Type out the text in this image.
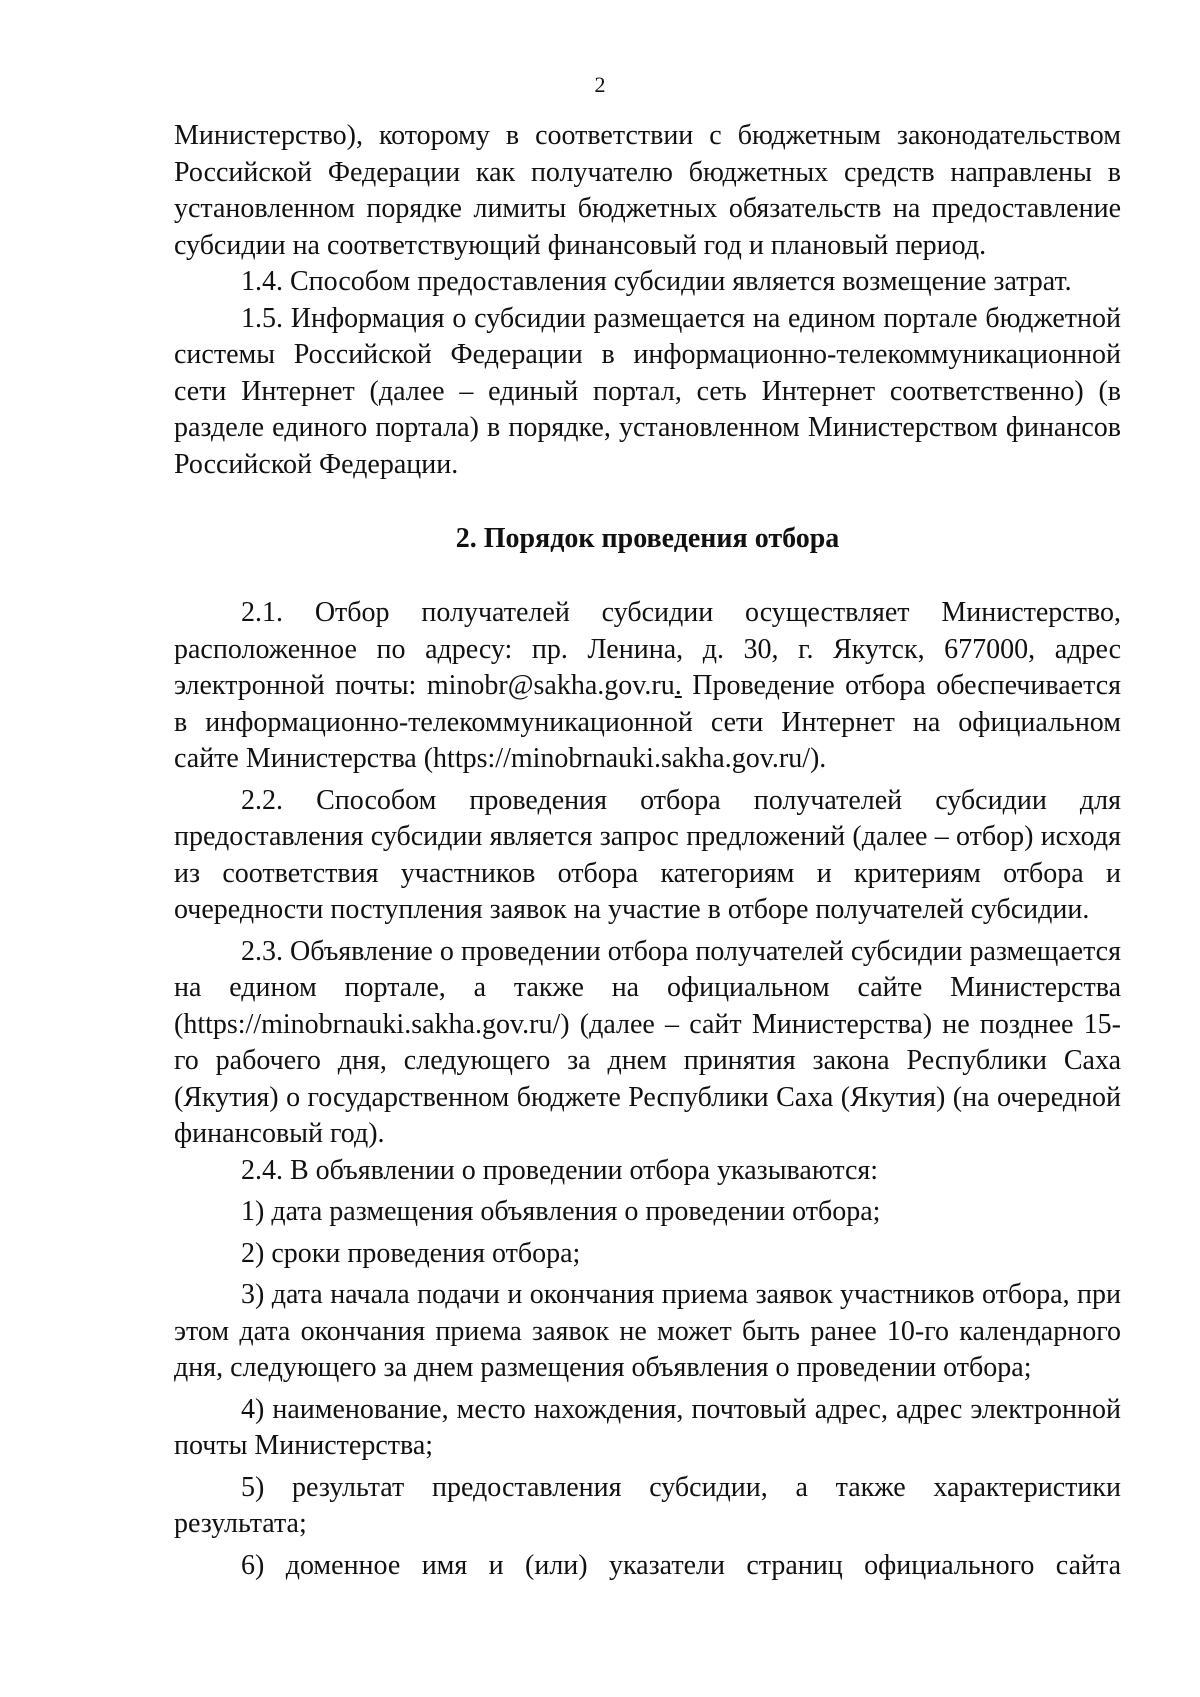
2

Министерство), которому в соответствии с бюджетным законодательством Российской Федерации как получателю бюджетных средств направлены в установленном порядке лимиты бюджетных обязательств на предоставление субсидии на соответствующий финансовый год и плановый период.

1.4. Способом предоставления субсидии является возмещение затрат.

1.5. Информация о субсидии размещается на едином портале бюджетной системы Российской Федерации в информационно-телекоммуникационной сети Интернет (далее – единый портал, сеть Интернет соответственно) (в разделе единого портала) в порядке, установленном Министерством финансов Российской Федерации.

2. Порядок проведения отбора

2.1. Отбор получателей субсидии осуществляет Министерство, расположенное по адресу: пр. Ленина, д. 30, г. Якутск, 677000, адрес электронной почты: minobr@sakha.gov.ru. Проведение отбора обеспечивается в информационно-телекоммуникационной сети Интернет на официальном сайте Министерства (https://minobrnauki.sakha.gov.ru/).

2.2. Способом проведения отбора получателей субсидии для предоставления субсидии является запрос предложений (далее – отбор) исходя из соответствия участников отбора категориям и критериям отбора и очередности поступления заявок на участие в отборе получателей субсидии.

2.3. Объявление о проведении отбора получателей субсидии размещается на едином портале, а также на официальном сайте Министерства (https://minobrnauki.sakha.gov.ru/) (далее – сайт Министерства) не позднее 15-го рабочего дня, следующего за днем принятия закона Республики Саха (Якутия) о государственном бюджете Республики Саха (Якутия) (на очередной финансовый год).

2.4. В объявлении о проведении отбора указываются:

1) дата размещения объявления о проведении отбора;

2) сроки проведения отбора;

3) дата начала подачи и окончания приема заявок участников отбора, при этом дата окончания приема заявок не может быть ранее 10-го календарного дня, следующего за днем размещения объявления о проведении отбора;

4) наименование, место нахождения, почтовый адрес, адрес электронной почты Министерства;

5) результат предоставления субсидии, а также характеристики результата;

6) доменное имя и (или) указатели страниц официального сайта
